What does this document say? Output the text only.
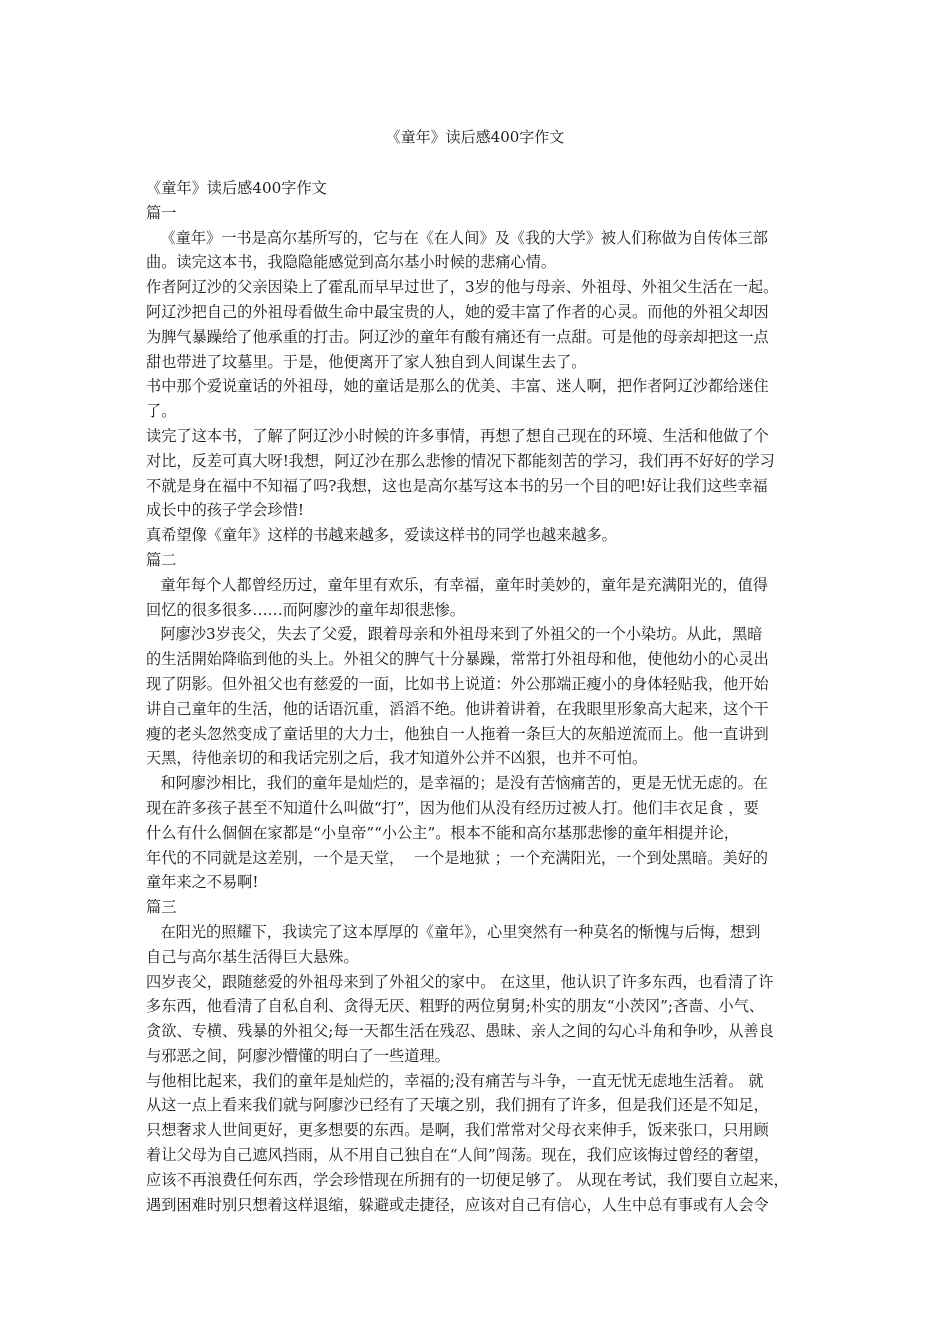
《童年》读后感400字作文
《童年》读后感400字作文
篇一
《童年》一书是高尔基所写的，它与在《在人间》及《我的大学》被人们称做为自传体三部
曲。读完这本书，我隐隐能感觉到高尔基小时候的悲痛心情。
作者阿辽沙的父亲因染上了霍乱而早早过世了，3岁的他与母亲、外祖母、外祖父生活在一起。
阿辽沙把自己的外祖母看做生命中最宝贵的人，她的爱丰富了作者的心灵。而他的外祖父却因
为脾气暴躁给了他承重的打击。阿辽沙的童年有酸有痛还有一点甜。可是他的母亲却把这一点
甜也带进了坟墓里。于是，他便离开了家人独自到人间谋生去了。
书中那个爱说童话的外祖母，她的童话是那么的优美、丰富、迷人啊，把作者阿辽沙都给迷住
了。
读完了这本书，了解了阿辽沙小时候的许多事情，再想了想自己现在的环境、生活和他做了个
对比，反差可真大呀!我想，阿辽沙在那么悲惨的情况下都能刻苦的学习，我们再不好好的学习
不就是身在福中不知福了吗?我想，这也是高尔基写这本书的另一个目的吧!好让我们这些幸福
成长中的孩子学会珍惜!
真希望像《童年》这样的书越来越多，爱读这样书的同学也越来越多。
篇二
童年每个人都曾经历过，童年里有欢乐，有幸福，童年时美妙的，童年是充满阳光的，值得
回忆的很多很多……而阿廖沙的童年却很悲惨。
阿廖沙3岁丧父，失去了父爱，跟着母亲和外祖母来到了外祖父的一个小染坊。从此，黑暗
的生活開始降临到他的头上。外祖父的脾气十分暴躁，常常打外祖母和他，使他幼小的心灵出
现了阴影。但外祖父也有慈爱的一面，比如书上说道：外公那端正瘦小的身体轻贴我，他开始
讲自己童年的生活，他的话语沉重，滔滔不绝。他讲着讲着，在我眼里形象高大起来，这个干
瘦的老头忽然变成了童话里的大力士，他独自一人拖着一条巨大的灰船逆流而上。他一直讲到
天黑，待他亲切的和我话完别之后，我才知道外公并不凶狠，也并不可怕。
和阿廖沙相比，我们的童年是灿烂的，是幸福的；是没有苦恼痛苦的，更是无忧无虑的。在
现在許多孩子甚至不知道什么叫做“打”，因为他们从没有经历过被人打。他们丰衣足食 ，要
什么有什么個個在家都是“小皇帝”“小公主”。根本不能和高尔基那悲惨的童年相提并论，
年代的不同就是这差别，一个是天堂，  一个是地狱 ；一个充满阳光，一个到处黑暗。美好的
童年来之不易啊!
篇三
在阳光的照耀下，我读完了这本厚厚的《童年》，心里突然有一种莫名的惭愧与后悔，想到
自己与高尔基生活得巨大悬殊。
四岁丧父，跟随慈爱的外祖母来到了外祖父的家中。 在这里，他认识了许多东西，也看清了许
多东西，他看清了自私自利、贪得无厌、粗野的两位舅舅;朴实的朋友“小茨冈”;吝啬、小气、
贪欲、专横、残暴的外祖父;每一天都生活在残忍、愚昧、亲人之间的勾心斗角和争吵，从善良
与邪恶之间，阿廖沙懵懂的明白了一些道理。
与他相比起来，我们的童年是灿烂的，幸福的;没有痛苦与斗争，一直无忧无虑地生活着。 就
从这一点上看来我们就与阿廖沙已经有了天壤之别，我们拥有了许多，但是我们还是不知足，
只想奢求人世间更好，更多想要的东西。是啊，我们常常对父母衣来伸手，饭来张口，只用顾
着让父母为自己遮风挡雨，从不用自己独自在“人间”闯荡。现在，我们应该悔过曾经的奢望，
应该不再浪费任何东西，学会珍惜现在所拥有的一切便足够了。 从现在考试，我们要自立起来，
遇到困难时别只想着这样退缩，躲避或走捷径，应该对自己有信心，人生中总有事或有人会令
